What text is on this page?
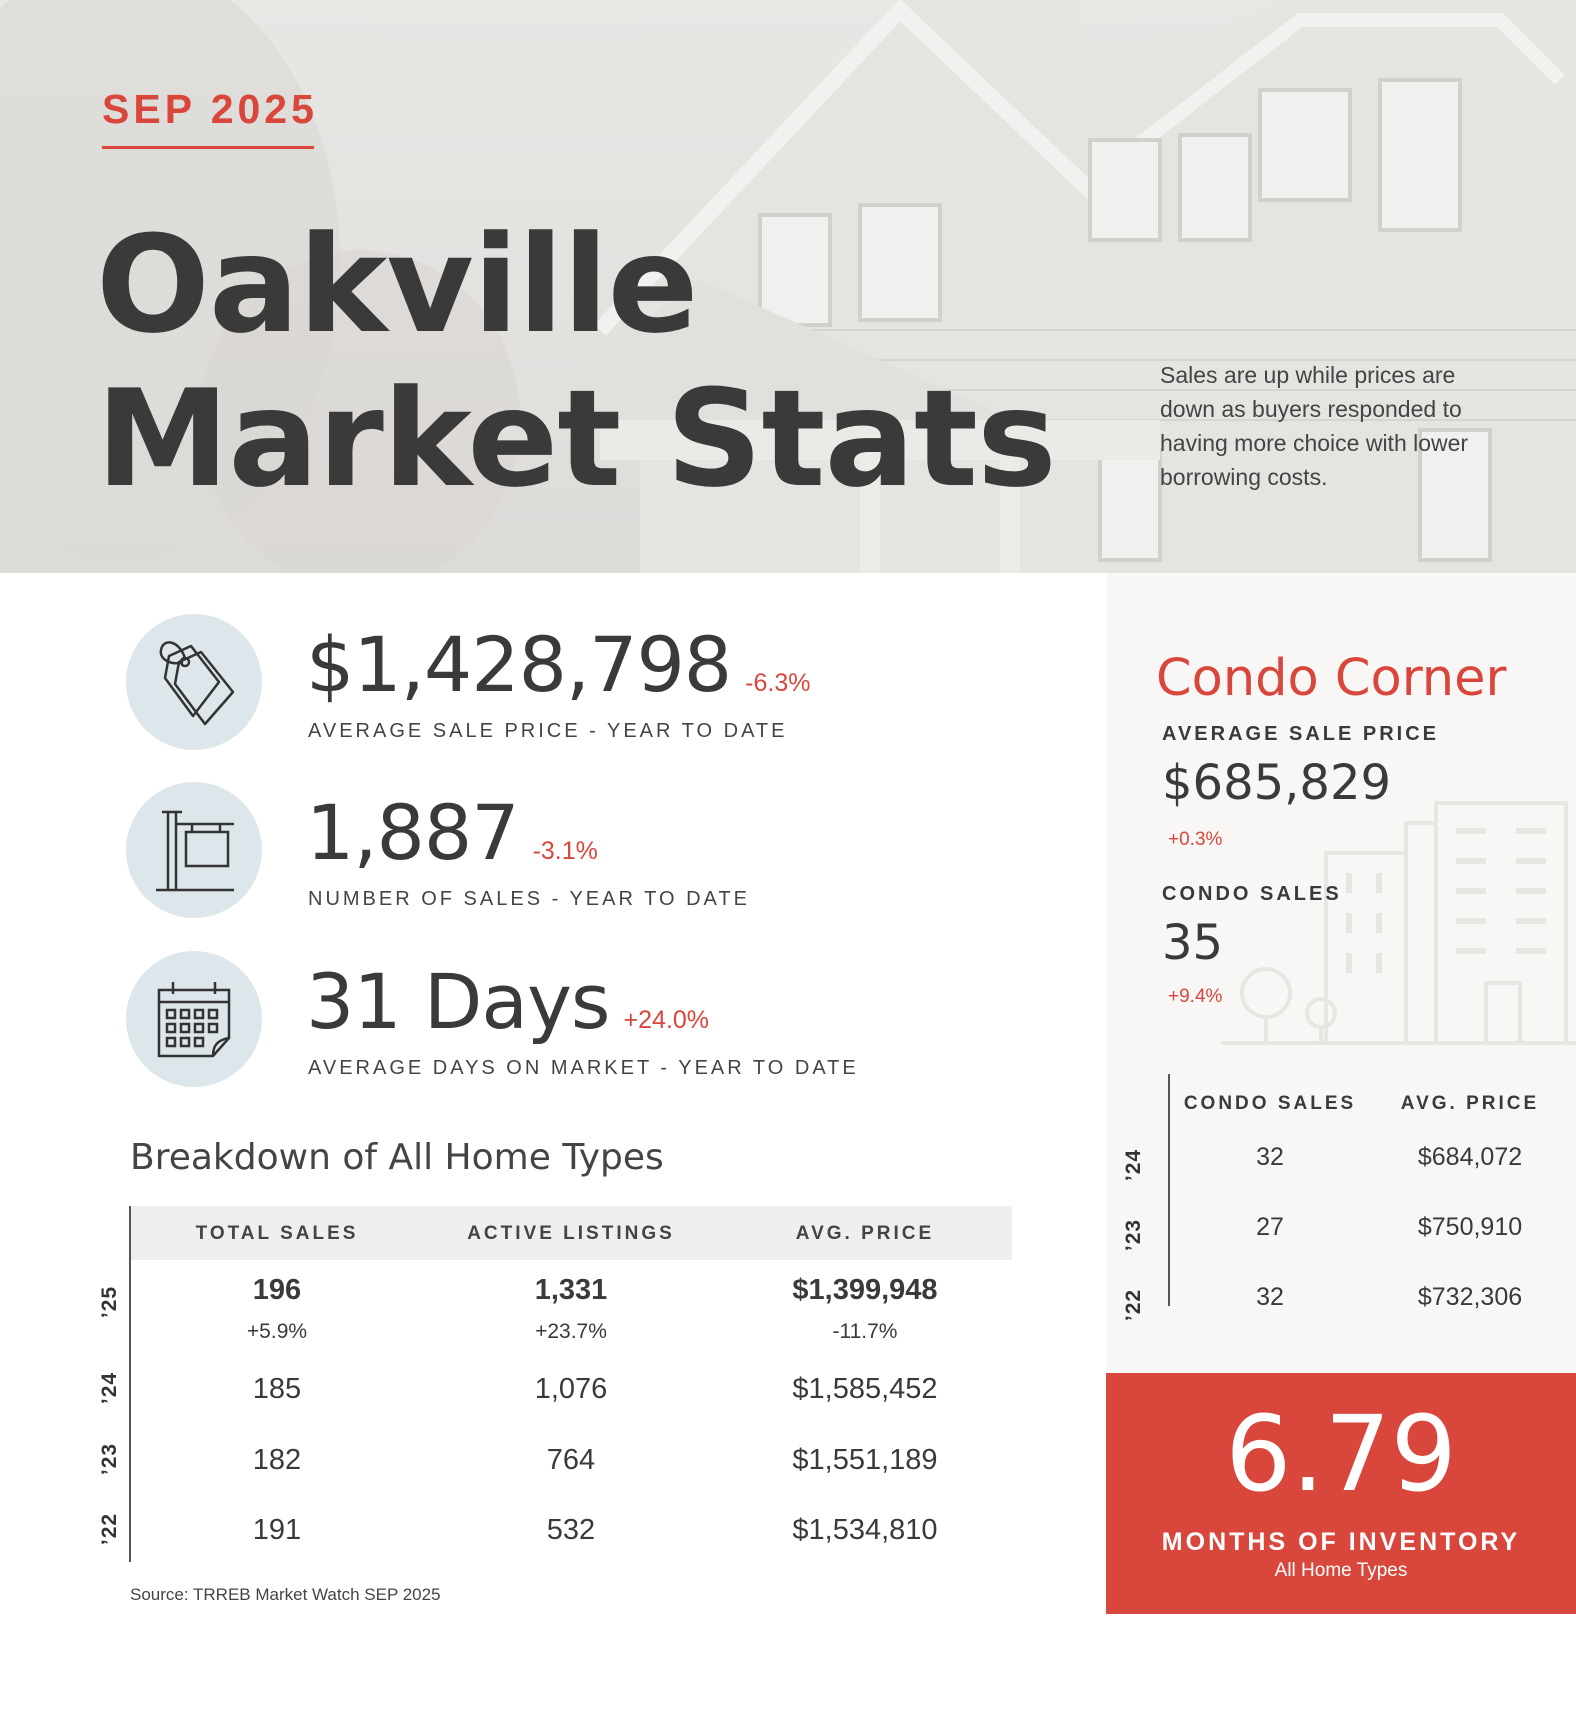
SEP 2025
Oakville
Market Stats	Sales are up while prices are down as buyers responded to having more choice with lower borrowing costs.

$1,428,798 -6.3%
AVERAGE SALE PRICE - YEAR TO DATE
1,887 -3.1%
NUMBER OF SALES - YEAR TO DATE
31 Days +24.0%
AVERAGE DAYS ON MARKET - YEAR TO DATE
Breakdown of All Home Types
TOTAL SALES	ACTIVE LISTINGS	AVG. PRICE
’25	196	1,331	$1,399,948
+5.9%	+23.7%	-11.7%
’24	185	1,076	$1,585,452
’23	182	764	$1,551,189
’22	191	532	$1,534,810
Source: TRREB Market Watch SEP 2025
Condo Corner
AVERAGE SALE PRICE
$685,829
+0.3%
CONDO SALES
35
+9.4%
CONDO SALES	AVG. PRICE
’24	32	$684,072
’23	27	$750,910
’22	32	$732,306
6.79
MONTHS OF INVENTORY
All Home Types
